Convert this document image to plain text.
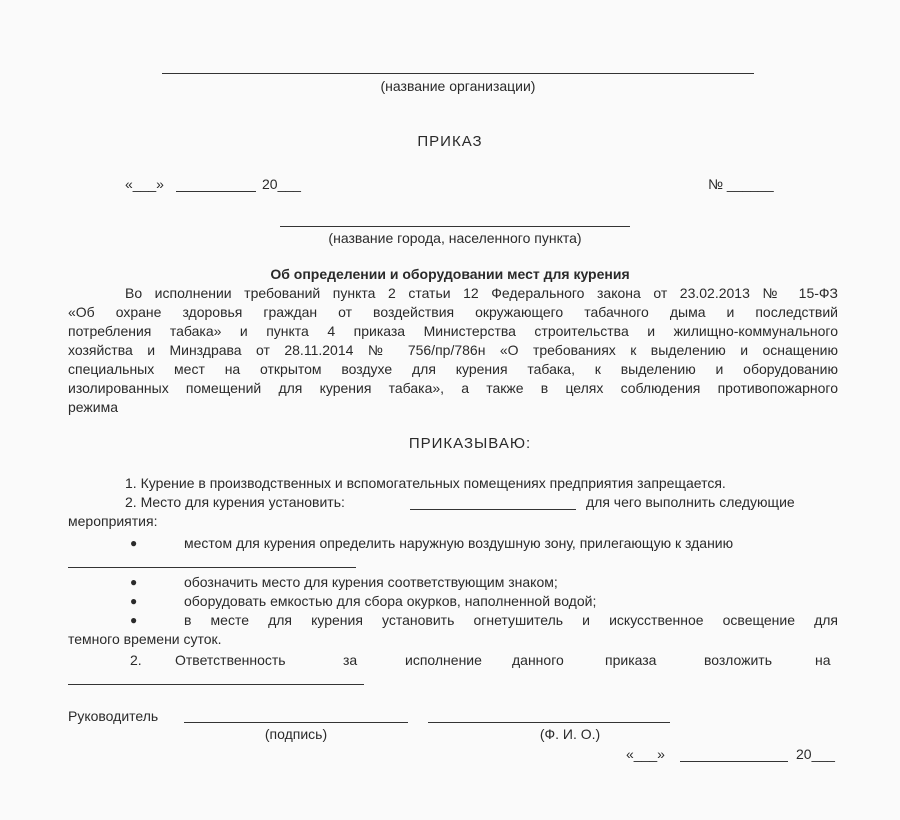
(название организации)
ПРИКАЗ
«___»	20___	№ ______
(название города, населенного пункта)
Об определении и оборудовании мест для курения
Во исполнении требований пункта 2 статьи 12 Федерального закона от 23.02.2013 № 15-ФЗ
«Об охране здоровья граждан от воздействия окружающего табачного дыма и последствий
потребления табака» и пункта 4 приказа Министерства строительства и жилищно-коммунального
хозяйства и Минздрава от 28.11.2014 № 756/пр/786н «О требованиях к выделению и оснащению
специальных мест на открытом воздухе для курения табака, к выделению и оборудованию
изолированных помещений для курения табака», а также в целях соблюдения противопожарного
режима
ПРИКАЗЫВАЮ:
1. Курение в производственных и вспомогательных помещениях предприятия запрещается.
2. Место для курения установить:	для чего выполнить следующие
мероприятия:
●	местом для курения определить наружную воздушную зону, прилегающую к зданию
●	обозначить место для курения соответствующим знаком;
●	оборудовать емкостью для сбора окурков, наполненной водой;
●	в месте для курения установить огнетушитель и искусственное освещение для
темного времени суток.
2. Ответственность	за	исполнение данного	приказа	возложить	на
Руководитель
(подпись)	(Ф. И. О.)
«___»	20___
